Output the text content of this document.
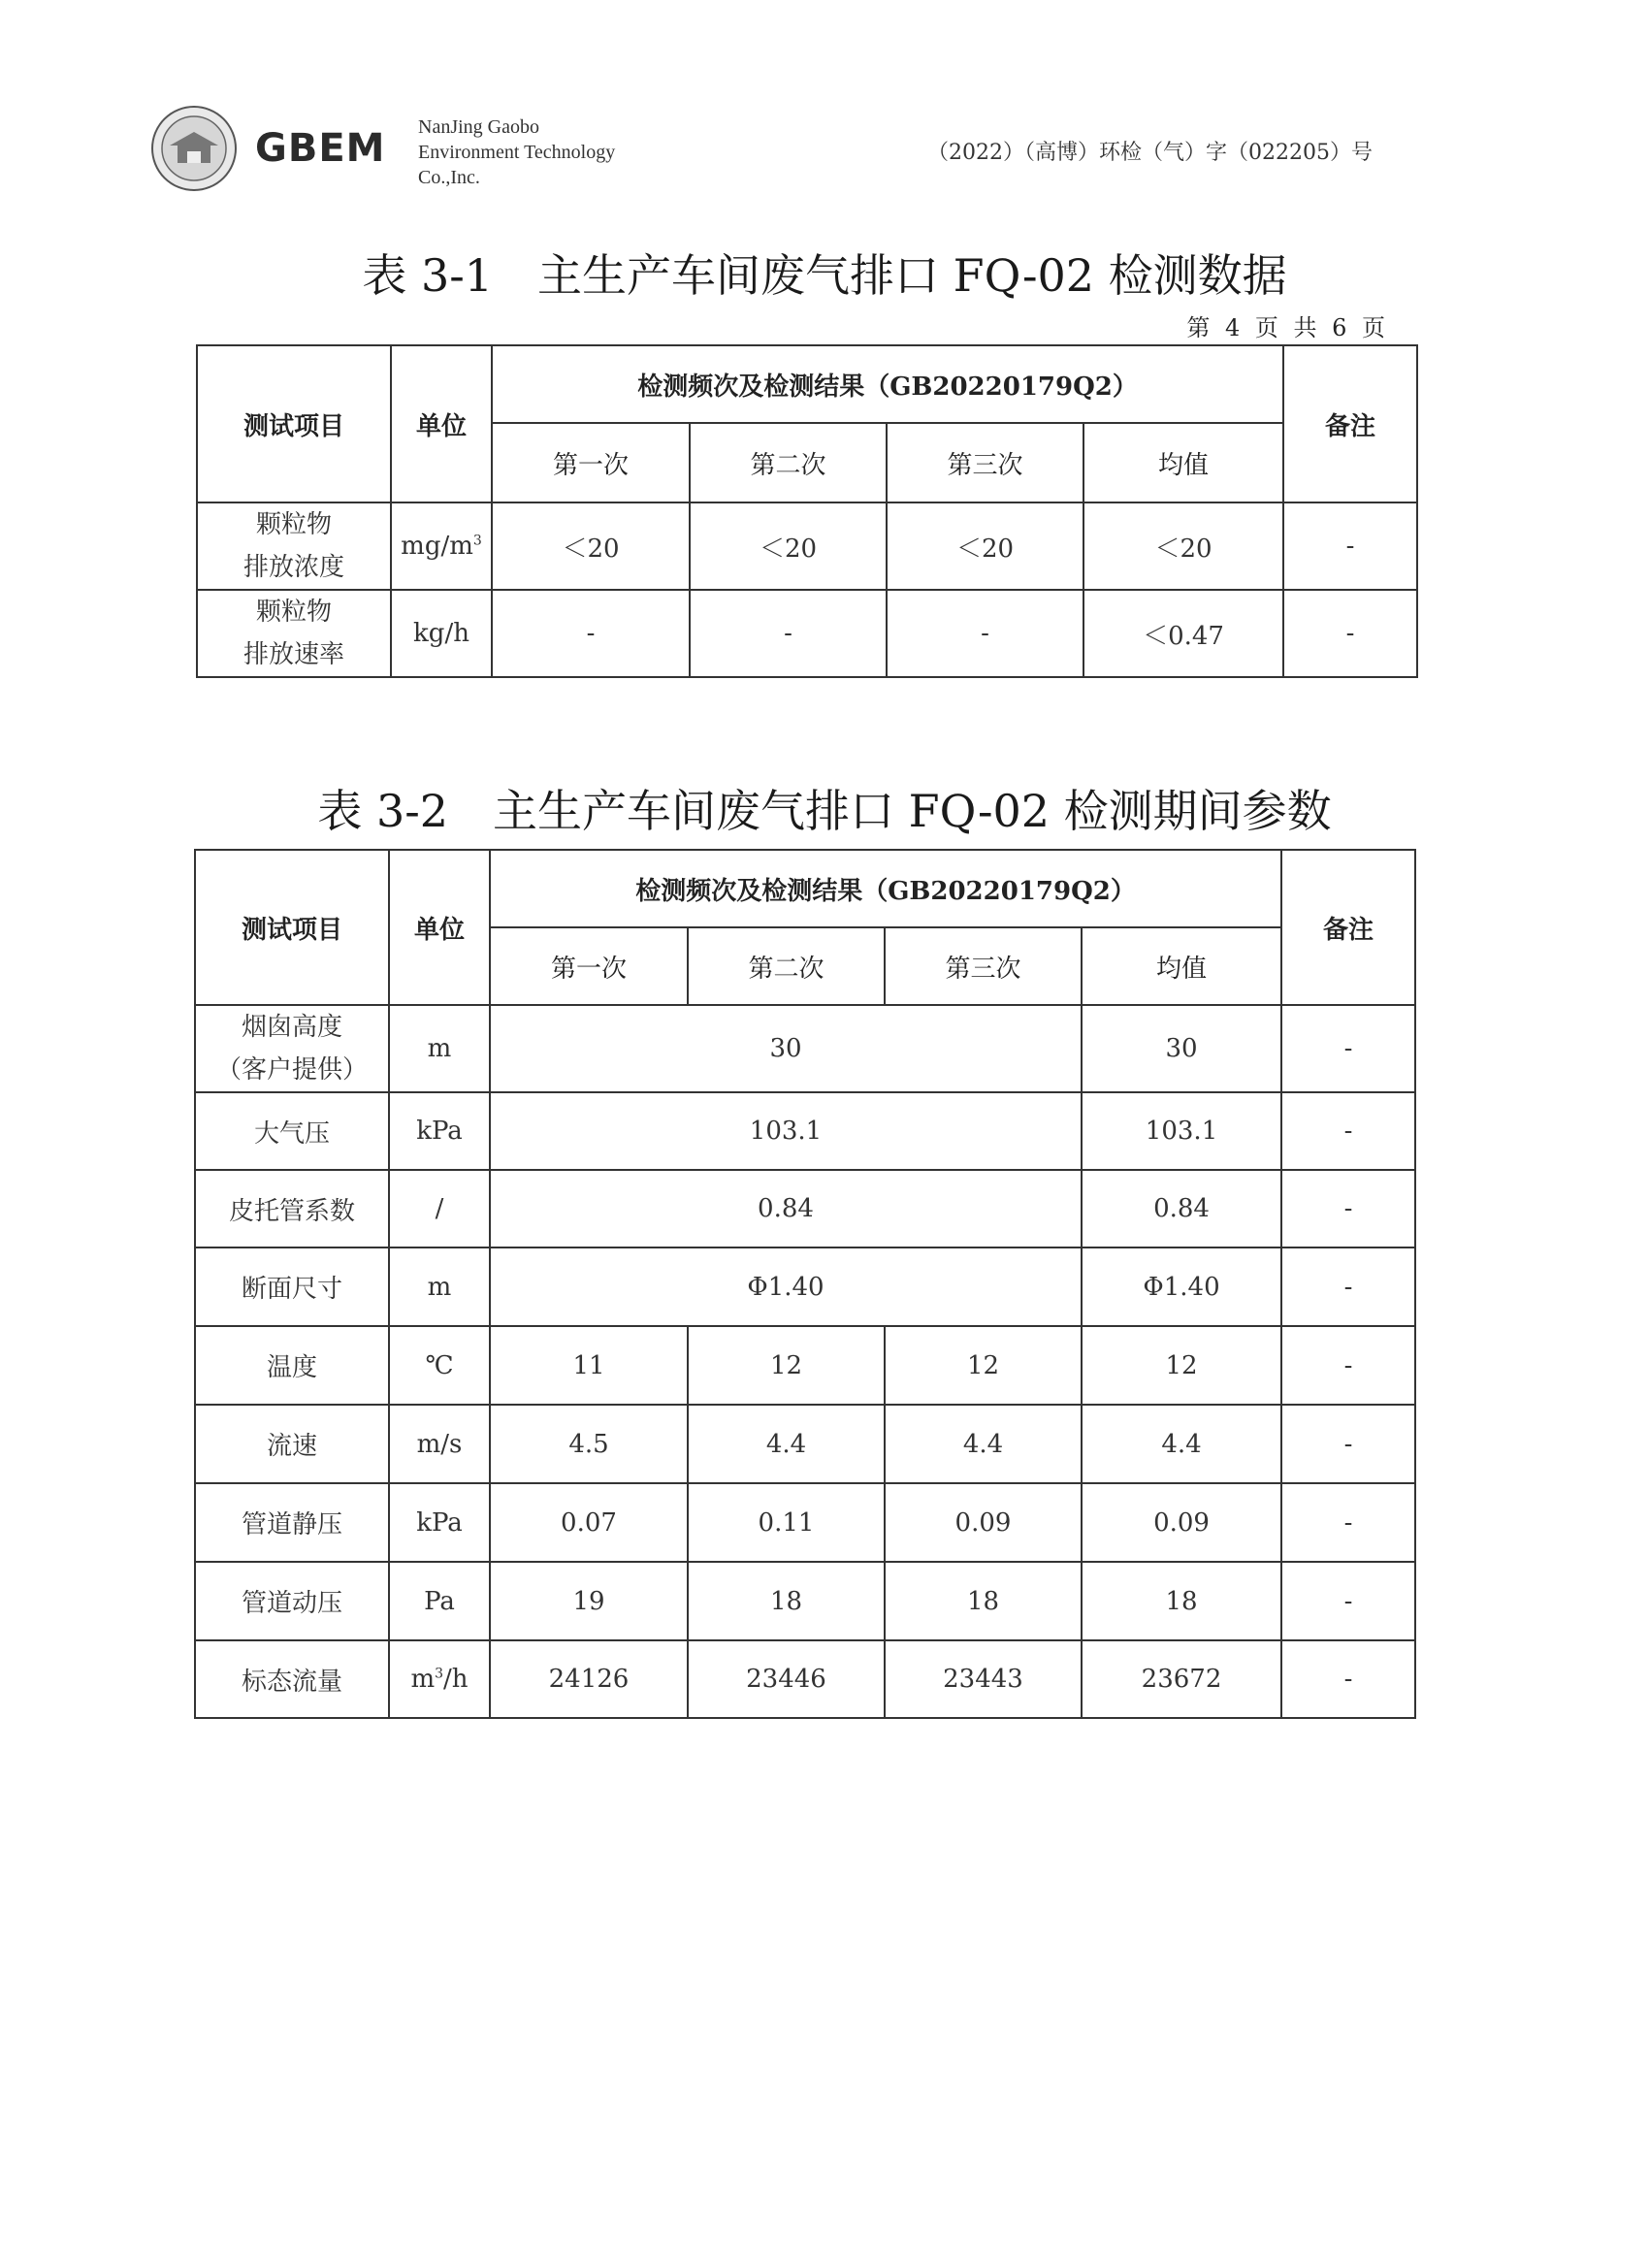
GBEM NanJing Gaobo
Environment Technology
Co.,Inc.
（2022）（高博）环检（气）字（022205）号
表 3-1　主生产车间废气排口 FQ-02 检测数据
第 4 页 共 6 页
测试项目	单位	检测频次及检测结果（GB20220179Q2）				备注
		第一次	第二次	第三次	均值	

颗粒物
排放浓度	$mg/m^3$	＜20	＜20	＜20	＜20	-

颗粒物
排放速率	kg/h	-	-	-	＜0.47	-
表 3-2　主生产车间废气排口 FQ-02 检测期间参数
测试项目	单位	检测频次及检测结果（GB20220179Q2）				备注
		第一次	第二次	第三次	均值	

烟囱高度
（客户提供）	m	30			30	-
大气压	kPa	103.1			103.1	-
皮托管系数	/	0.84			0.84	-
断面尺寸	m	Φ1.40			Φ1.40	-
温度	℃	11	12	12	12	-
流速	m/s	4.5	4.4	4.4	4.4	-
管道静压	kPa	0.07	0.11	0.09	0.09	-
管道动压	Pa	19	18	18	18	-
标态流量	$m^3/h$	24126	23446	23443	23672	-
